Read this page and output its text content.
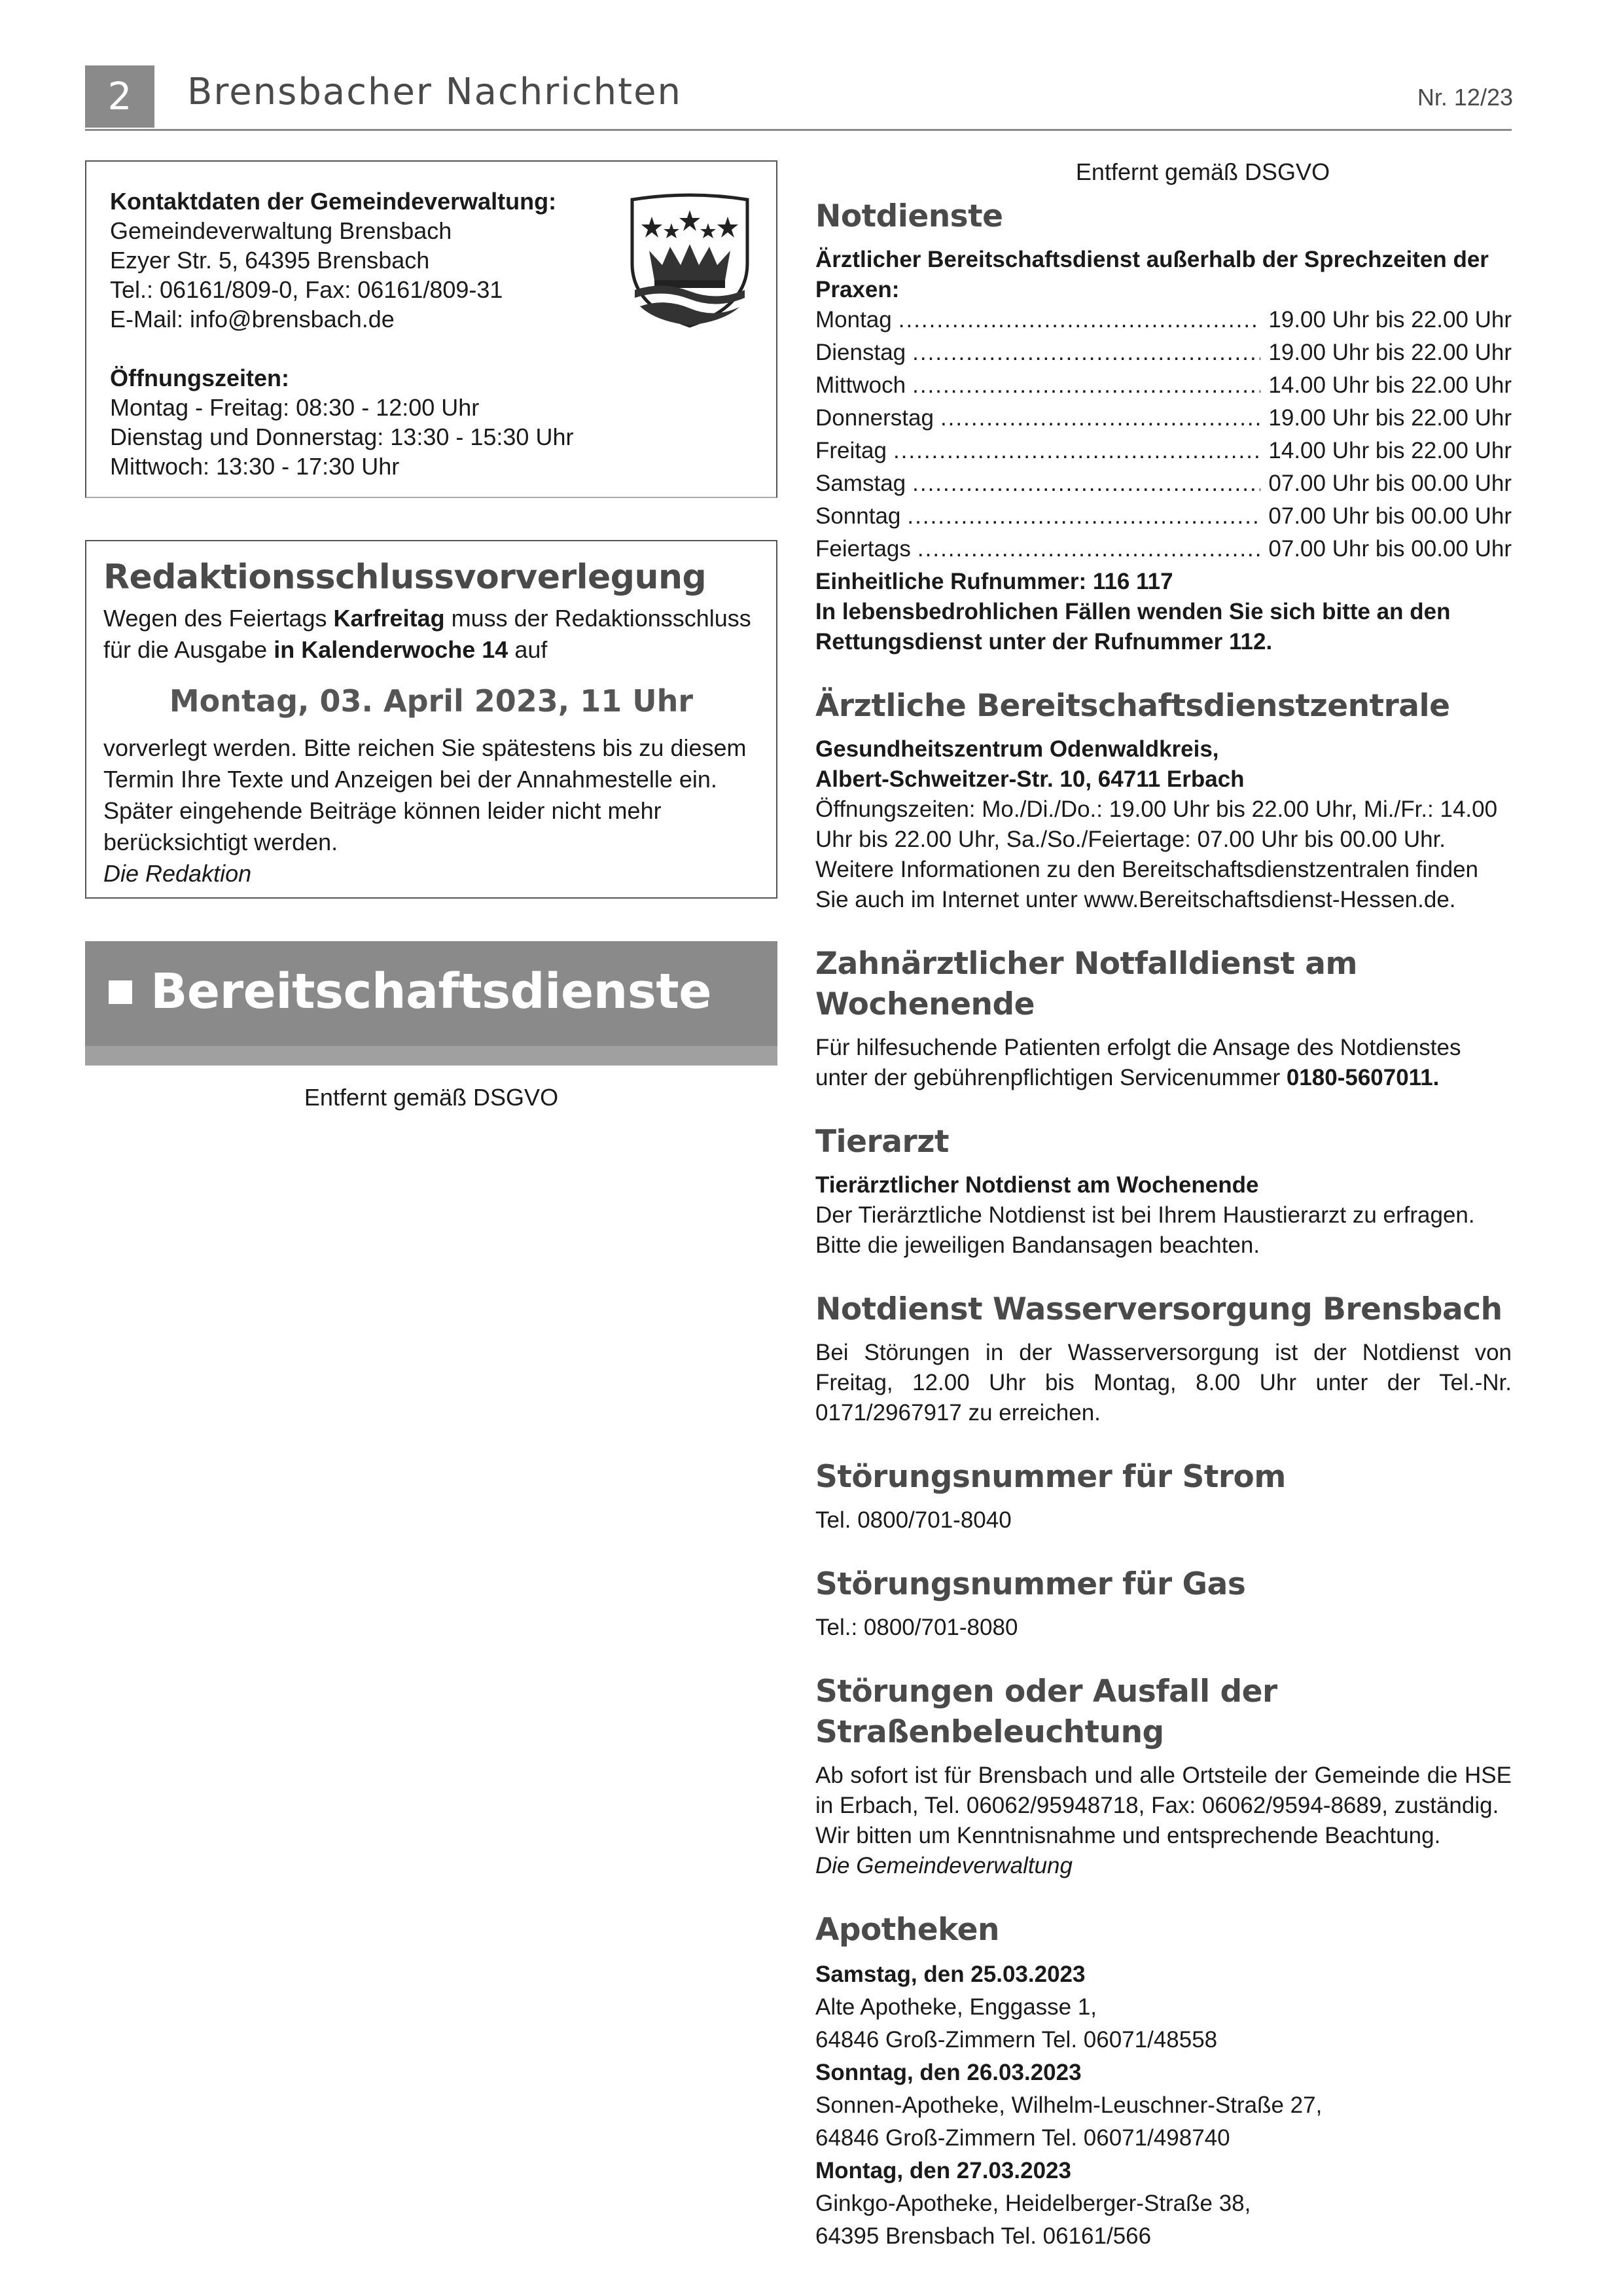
2	Brensbacher Nachrichten	Nr. 12/23
Kontaktdaten der Gemeindeverwaltung:
Gemeindeverwaltung Brensbach
Ezyer Str. 5, 64395 Brensbach
Tel.: 06161/809-0, Fax: 06161/809-31
E-Mail: info@brensbach.de
Öffnungszeiten:
Montag - Freitag: 08:30 - 12:00 Uhr
Dienstag und Donnerstag: 13:30 - 15:30 Uhr
Mittwoch: 13:30 - 17:30 Uhr
Redaktionsschlussvorverlegung
Wegen des Feiertags Karfreitag muss der Redaktionsschluss für die Ausgabe in Kalenderwoche 14 auf
Montag, 03. April 2023, 11 Uhr
vorverlegt werden. Bitte reichen Sie spätestens bis zu diesem Termin Ihre Texte und Anzeigen bei der Annahmestelle ein.
Später eingehende Beiträge können leider nicht mehr berücksichtigt werden.
Die Redaktion
Bereitschaftsdienste
Entfernt gemäß DSGVO
Entfernt gemäß DSGVO
Notdienste
Ärztlicher Bereitschaftsdienst außerhalb der Sprechzeiten der Praxen:
Montag .....	19.00 Uhr bis 22.00 Uhr
Dienstag .....	19.00 Uhr bis 22.00 Uhr
Mittwoch .....	14.00 Uhr bis 22.00 Uhr
Donnerstag .....	19.00 Uhr bis 22.00 Uhr
Freitag .....	14.00 Uhr bis 22.00 Uhr
Samstag .....	07.00 Uhr bis 00.00 Uhr
Sonntag .....	07.00 Uhr bis 00.00 Uhr
Feiertags .....	07.00 Uhr bis 00.00 Uhr
Einheitliche Rufnummer: 116 117
In lebensbedrohlichen Fällen wenden Sie sich bitte an den Rettungsdienst unter der Rufnummer 112.
Ärztliche Bereitschaftsdienstzentrale
Gesundheitszentrum Odenwaldkreis,
Albert-Schweitzer-Str. 10, 64711 Erbach
Öffnungszeiten: Mo./Di./Do.: 19.00 Uhr bis 22.00 Uhr, Mi./Fr.: 14.00 Uhr bis 22.00 Uhr, Sa./So./Feiertage: 07.00 Uhr bis 00.00 Uhr.
Weitere Informationen zu den Bereitschaftsdienstzentralen finden Sie auch im Internet unter www.Bereitschaftsdienst-Hessen.de.
Zahnärztlicher Notfalldienst am Wochenende
Für hilfesuchende Patienten erfolgt die Ansage des Notdienstes unter der gebührenpflichtigen Servicenummer 0180-5607011.
Tierarzt
Tierärztlicher Notdienst am Wochenende
Der Tierärztliche Notdienst ist bei Ihrem Haustierarzt zu erfragen. Bitte die jeweiligen Bandansagen beachten.
Notdienst Wasserversorgung Brensbach
Bei Störungen in der Wasserversorgung ist der Notdienst von Freitag, 12.00 Uhr bis Montag, 8.00 Uhr unter der Tel.-Nr. 0171/2967917 zu erreichen.
Störungsnummer für Strom
Tel. 0800/701-8040
Störungsnummer für Gas
Tel.: 0800/701-8080
Störungen oder Ausfall der
Straßenbeleuchtung
Ab sofort ist für Brensbach und alle Ortsteile der Gemeinde die HSE in Erbach, Tel. 06062/95948718, Fax: 06062/9594-8689, zuständig.
Wir bitten um Kenntnisnahme und entsprechende Beachtung.
Die Gemeindeverwaltung
Apotheken
Samstag, den 25.03.2023
Alte Apotheke, Enggasse 1,
64846 Groß-Zimmern Tel. 06071/48558
Sonntag, den 26.03.2023
Sonnen-Apotheke, Wilhelm-Leuschner-Straße 27,
64846 Groß-Zimmern Tel. 06071/498740
Montag, den 27.03.2023
Ginkgo-Apotheke, Heidelberger-Straße 38,
64395 Brensbach Tel. 06161/566
